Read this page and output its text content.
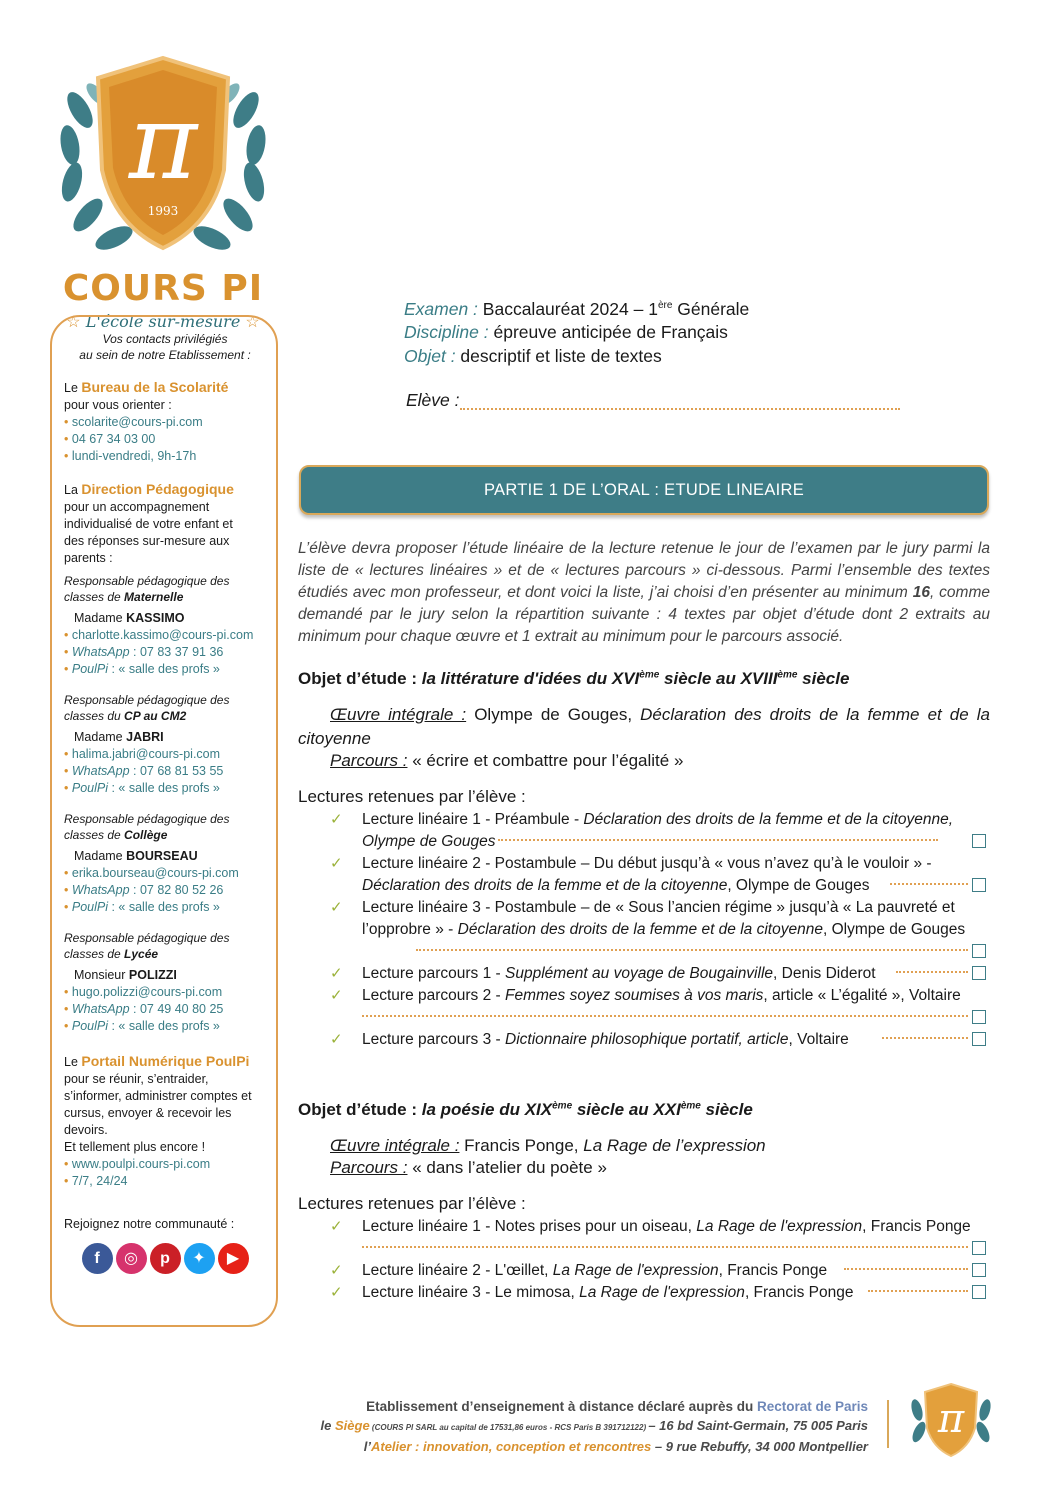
π
1993
COURS PI
☆ L'école sur-mesure ☆
Vos contacts privilégiés
au sein de notre Etablissement :
Le Bureau de la Scolarité
pour vous orienter :
• scolarite@cours-pi.com
• 04 67 34 03 00
• lundi-vendredi, 9h-17h
La Direction Pédagogique
pour un accompagnement
individualisé de votre enfant et
des réponses sur-mesure aux
parents :
Responsable pédagogique des
classes de Maternelle
Madame KASSIMO
• charlotte.kassimo@cours-pi.com
• WhatsApp : 07 83 37 91 36
• PoulPi : « salle des profs »
Responsable pédagogique des
classes du CP au CM2
Madame JABRI
• halima.jabri@cours-pi.com
• WhatsApp : 07 68 81 53 55
• PoulPi : « salle des profs »
Responsable pédagogique des
classes de Collège
Madame BOURSEAU
• erika.bourseau@cours-pi.com
• WhatsApp : 07 82 80 52 26
• PoulPi : « salle des profs »
Responsable pédagogique des
classes de Lycée
Monsieur POLIZZI
• hugo.polizzi@cours-pi.com
• WhatsApp : 07 49 40 80 25
• PoulPi : « salle des profs »
Le Portail Numérique PoulPi
pour se réunir, s’entraider,
s’informer, administrer comptes et
cursus, envoyer & recevoir les
devoirs.
Et tellement plus encore !
• www.poulpi.cours-pi.com
• 7/7, 24/24
Rejoignez notre communauté :
f	◎	p	✦	▶
Examen : Baccalauréat 2024 – 1ère Générale
Discipline : épreuve anticipée de Français
Objet : descriptif et liste de textes
Elève :
PARTIE 1 DE L’ORAL : ETUDE LINEAIRE
L’élève devra proposer l’étude linéaire de la lecture retenue le jour de l’examen par le jury parmi la liste de « lectures linéaires » et de « lectures parcours » ci-dessous. Parmi l’ensemble des textes étudiés avec mon professeur, et dont voici la liste, j’ai choisi d’en présenter au minimum 16, comme demandé par le jury selon la répartition suivante : 4 textes par objet d’étude dont 2 extraits au minimum pour chaque œuvre et 1 extrait au minimum pour le parcours associé.
Objet d’étude : la littérature d'idées du XVIème siècle au XVIIIème siècle
Œuvre intégrale : Olympe de Gouges, Déclaration des droits de la femme et de la citoyenne
Parcours : « écrire et combattre pour l’égalité »
Lectures retenues par l’élève :
✓ Lecture linéaire 1 - Préambule - Déclaration des droits de la femme et de la citoyenne, Olympe de Gouges
✓ Lecture linéaire 2 - Postambule – Du début jusqu’à « vous n’avez qu’à le vouloir » - Déclaration des droits de la femme et de la citoyenne, Olympe de Gouges
✓ Lecture linéaire 3 - Postambule – de « Sous l’ancien régime » jusqu’à « La pauvreté et l’opprobre » - Déclaration des droits de la femme et de la citoyenne, Olympe de Gouges
✓ Lecture parcours 1 - Supplément au voyage de Bougainville, Denis Diderot
✓ Lecture parcours 2 - Femmes soyez soumises à vos maris, article « L’égalité », Voltaire
✓ Lecture parcours 3 - Dictionnaire philosophique portatif, article, Voltaire
Objet d’étude : la poésie du XIXème siècle au XXIème siècle
Œuvre intégrale : Francis Ponge, La Rage de l’expression
Parcours : « dans l’atelier du poète »
Lectures retenues par l’élève :
✓ Lecture linéaire 1 - Notes prises pour un oiseau, La Rage de l'expression, Francis Ponge
✓ Lecture linéaire 2 - L'œillet, La Rage de l'expression, Francis Ponge
✓ Lecture linéaire 3 - Le mimosa, La Rage de l'expression, Francis Ponge
Etablissement d’enseignement à distance déclaré auprès du Rectorat de Paris
le Siège (COURS PI SARL au capital de 17531,86 euros - RCS Paris B 391712122) – 16 bd Saint-Germain, 75 005 Paris
l’Atelier : innovation, conception et rencontres – 9 rue Rebuffy, 34 000 Montpellier
π
